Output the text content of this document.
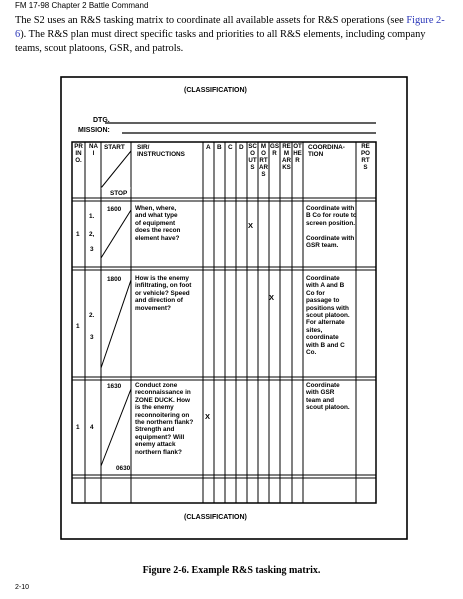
FM 17-98 Chapter 2 Battle Command
The S2 uses an R&S tasking matrix to coordinate all available assets for R&S operations (see Figure 2-6). The R&S plan must direct specific tasks and priorities to all R&S elements, including company teams, scout platoons, GSR, and patrols.
(CLASSIFICATION)
DTG.
MISSION:
PRINO.
NAI
START
STOP
SIR/
INSTRUCTIONS
A B C D SCOUTS
MORTARS
GSR
REMARKS
OTHER
COORDINA-
TION
REPORTS
1
1.
2,
3
1600 When, where,
and what type
of equipment
does the recon
element have?
X
Coordinate with
B Co for route to
screen position.

Coordinate with
GSR team.
1
2.
3
1800 How is the enemy
infiltrating, on foot
or vehicle? Speed
and direction of
movement?
X
Coordinate
with A and B
Co for
passage to
positions with
scout platoon.
For alternate
sites,
coordinate
with B and C
Co.
1 4
1630
0630
Conduct zone
reconnaissance in
ZONE DUCK. How
is the enemy
reconnoitering on
the northern flank?
Strength and
equipment? Will
enemy attack
northern flank?
X
Coordinate
with GSR
team and
scout platoon.
(CLASSIFICATION)
Figure 2-6. Example R&S tasking matrix.
2-10
